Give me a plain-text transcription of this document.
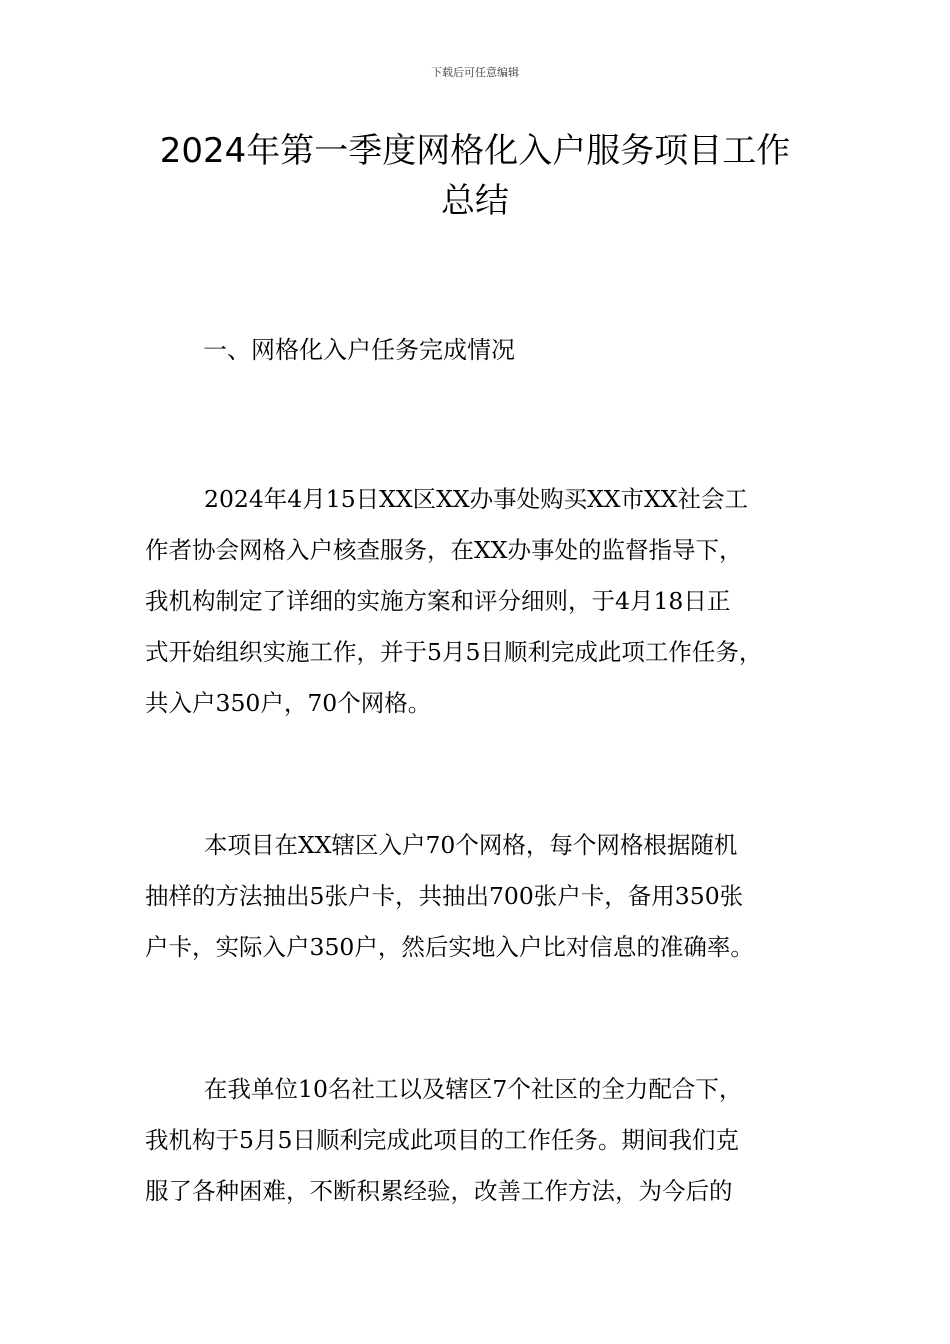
下载后可任意编辑
2024年第一季度网格化入户服务项目工作
总结
一、网格化入户任务完成情况

2024年4月15日XX区XX办事处购买XX市XX社会工
作者协会网格入户核查服务，在XX办事处的监督指导下，
我机构制定了详细的实施方案和评分细则，于4月18日正
式开始组织实施工作，并于5月5日顺利完成此项工作任务，
共入户350户，70个网格。

本项目在XX辖区入户70个网格，每个网格根据随机
抽样的方法抽出5张户卡，共抽出700张户卡，备用350张
户卡，实际入户350户，然后实地入户比对信息的准确率。

在我单位10名社工以及辖区7个社区的全力配合下，
我机构于5月5日顺利完成此项目的工作任务。期间我们克
服了各种困难，不断积累经验，改善工作方法，为今后的
